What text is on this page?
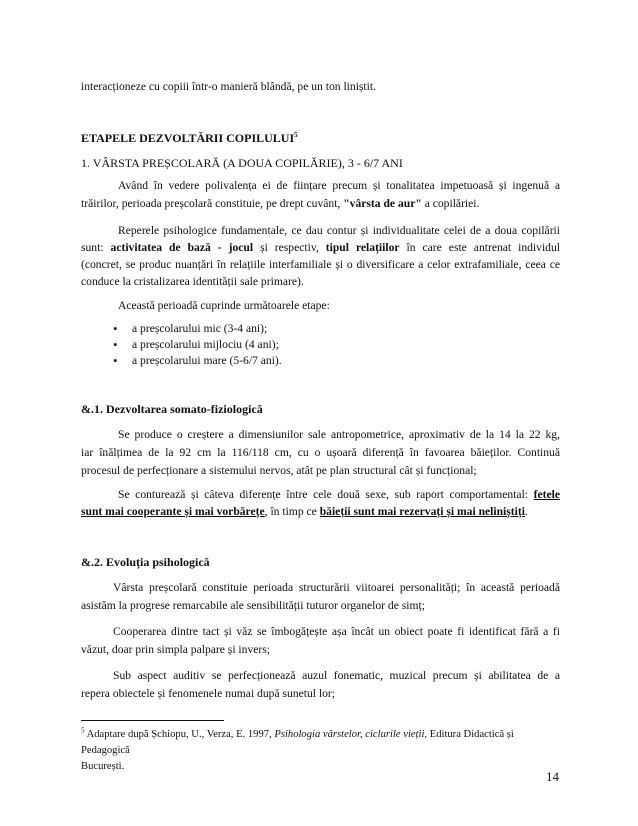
interacționeze cu copiii într-o manieră blândă, pe un ton liniștit.

ETAPELE DEZVOLTĂRII COPILULUI$^5$

1. VÂRSTA PREȘCOLARĂ (A DOUA COPILĂRIE), 3 - 6/7 ANI

Având în vedere polivalența ei de ființare precum și tonalitatea impetuoasă și ingenuă a

trăirilor, perioada preșcolară constituie, pe drept cuvânt, "vârsta de aur" a copilăriei.

Reperele psihologice fundamentale, ce dau contur și individualitate celei de a doua copilării

sunt: activitatea de bază - jocul și respectiv, tipul relațiilor în care este antrenat individul

(concret, se produc nuanțări în relațiile interfamiliale și o diversificare a celor extrafamiliale, ceea ce

conduce la cristalizarea identității sale primare).

Această perioadă cuprinde următoarele etape:

• a preșcolarului mic (3-4 ani);
• a preșcolarului mijlociu (4 ani);
• a preșcolarului mare (5-6/7 ani).

&.1. Dezvoltarea somato-fiziologică

Se produce o creștere a dimensiunilor sale antropometrice, aproximativ de la 14 la 22 kg,

iar înălțimea de la 92 cm la 116/118 cm, cu o ușoară diferență în favoarea băieților. Continuă

procesul de perfecționare a sistemului nervos, atât pe plan structural cât și funcțional;

Se conturează și câteva diferențe între cele două sexe, sub raport comportamental: fetele

sunt mai cooperante și mai vorbărețe, în timp ce băieții sunt mai rezervați și mai neliniștiți.

&.2. Evoluția psihologică

Vârsta preșcolară constituie perioada structurării viitoarei personalități; în această perioadă

asistăm la progrese remarcabile ale sensibilității tuturor organelor de simț;

Cooperarea dintre tact și văz se îmbogățește așa încât un obiect poate fi identificat fără a fi

văzut, doar prin simpla palpare și invers;

Sub aspect auditiv se perfecționează auzul fonematic, muzical precum și abilitatea de a

repera obiectele și fenomenele numai după sunetul lor;

$^5$ Adaptare după Șchiopu, U., Verza, E. 1997, Psihologia vârstelor, ciclurile vieții, Editura Didactică și Pedagogică
București.
14
